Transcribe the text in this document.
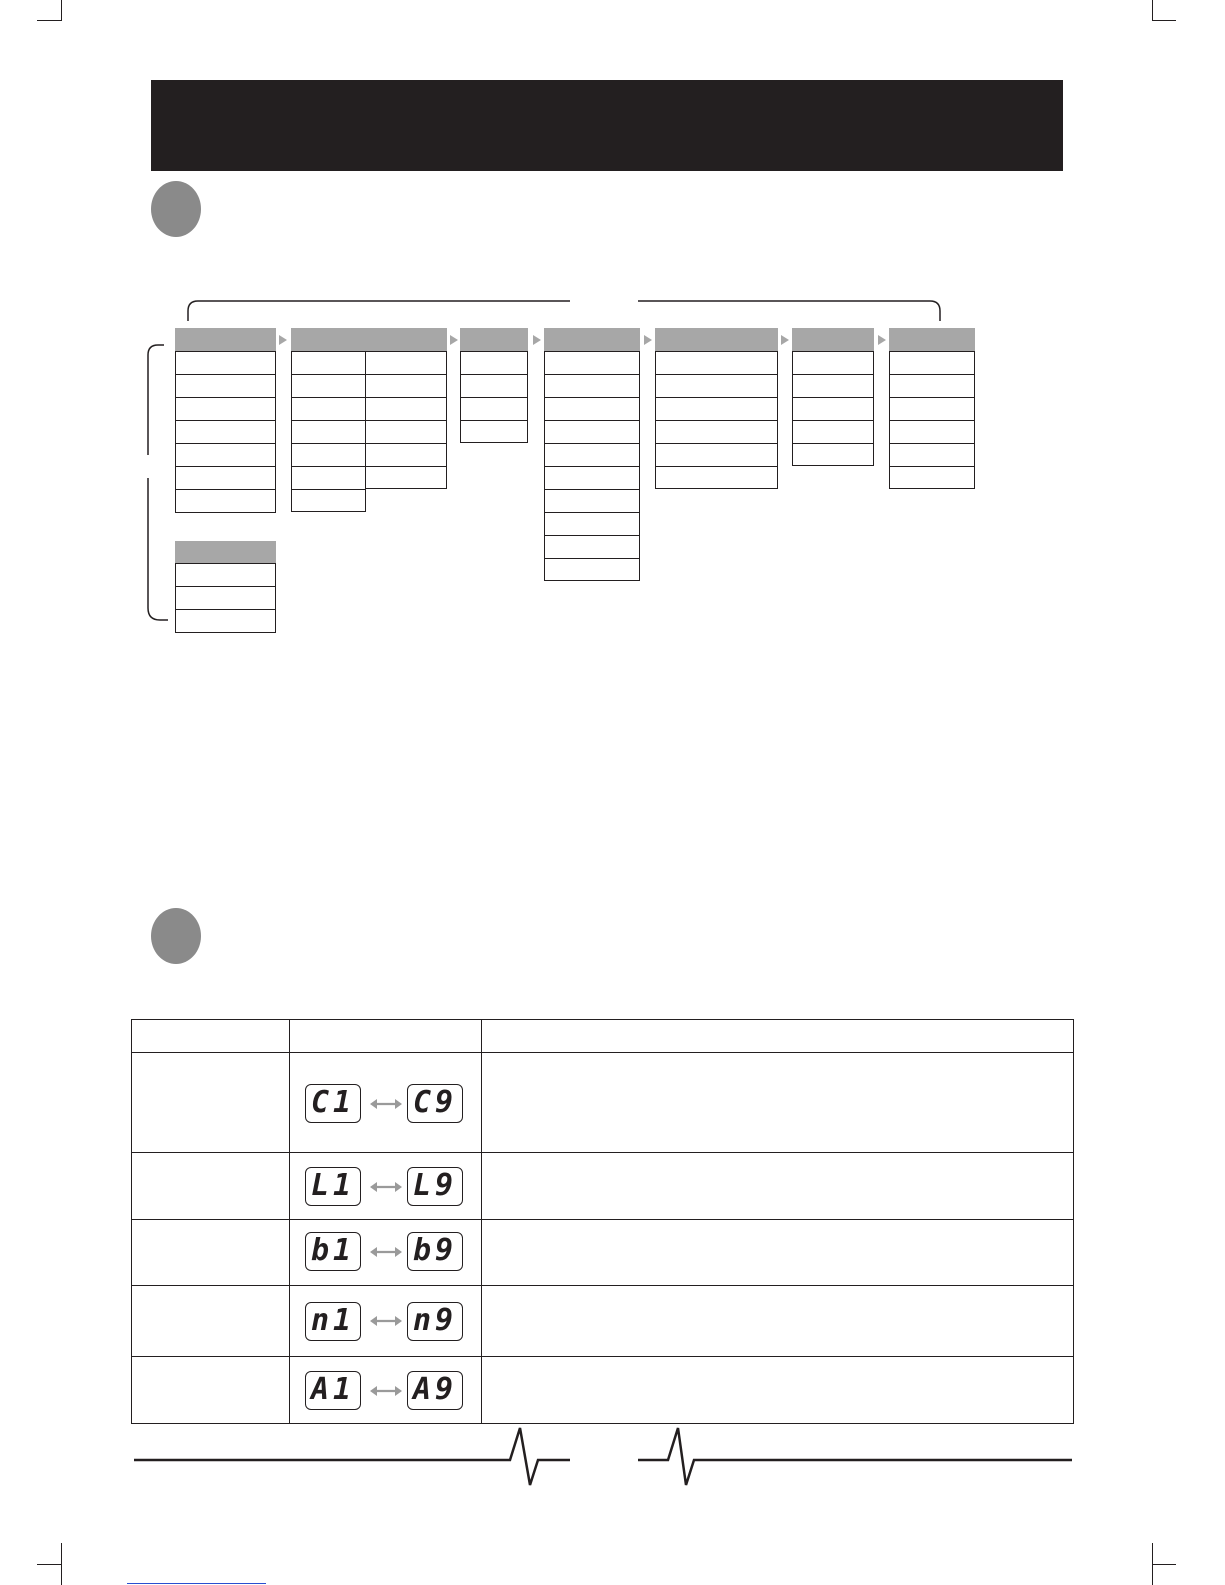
C1 C9
L1 L9
b1 b9
n1 n9
A1 A9
